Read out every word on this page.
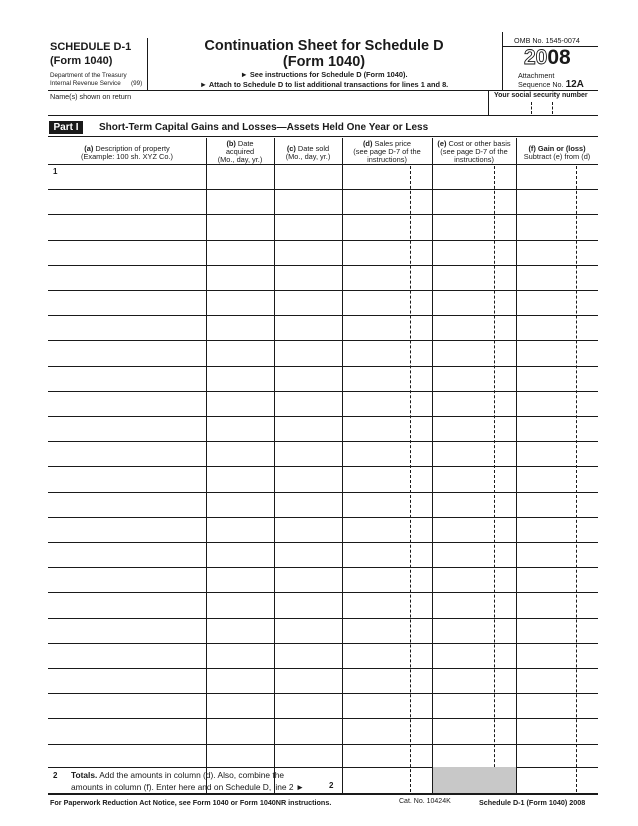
SCHEDULE D-1
(Form 1040)
Department of the Treasury
Internal Revenue Service (99)
Continuation Sheet for Schedule D
(Form 1040)
► See instructions for Schedule D (Form 1040).
► Attach to Schedule D to list additional transactions for lines 1 and 8.
OMB No. 1545-0074
2008
Attachment
Sequence No. 12A
Name(s) shown on return	Your social security number
Part I	Short-Term Capital Gains and Losses—Assets Held One Year or Less
(a) Description of property
(Example: 100 sh. XYZ Co.)
(b) Date
acquired
(Mo., day, yr.)
(c) Date sold
(Mo., day, yr.)
(d) Sales price
(see page D-7 of the
instructions)
(e) Cost or other basis
(see page D-7 of the
instructions)
(f) Gain or (loss)
Subtract (e) from (d)
1
2 Totals. Add the amounts in column (d). Also, combine the
amounts in column (f). Enter here and on Schedule D, line 2 ►	2
For Paperwork Reduction Act Notice, see Form 1040 or Form 1040NR instructions.	Cat. No. 10424K	Schedule D-1 (Form 1040) 2008
